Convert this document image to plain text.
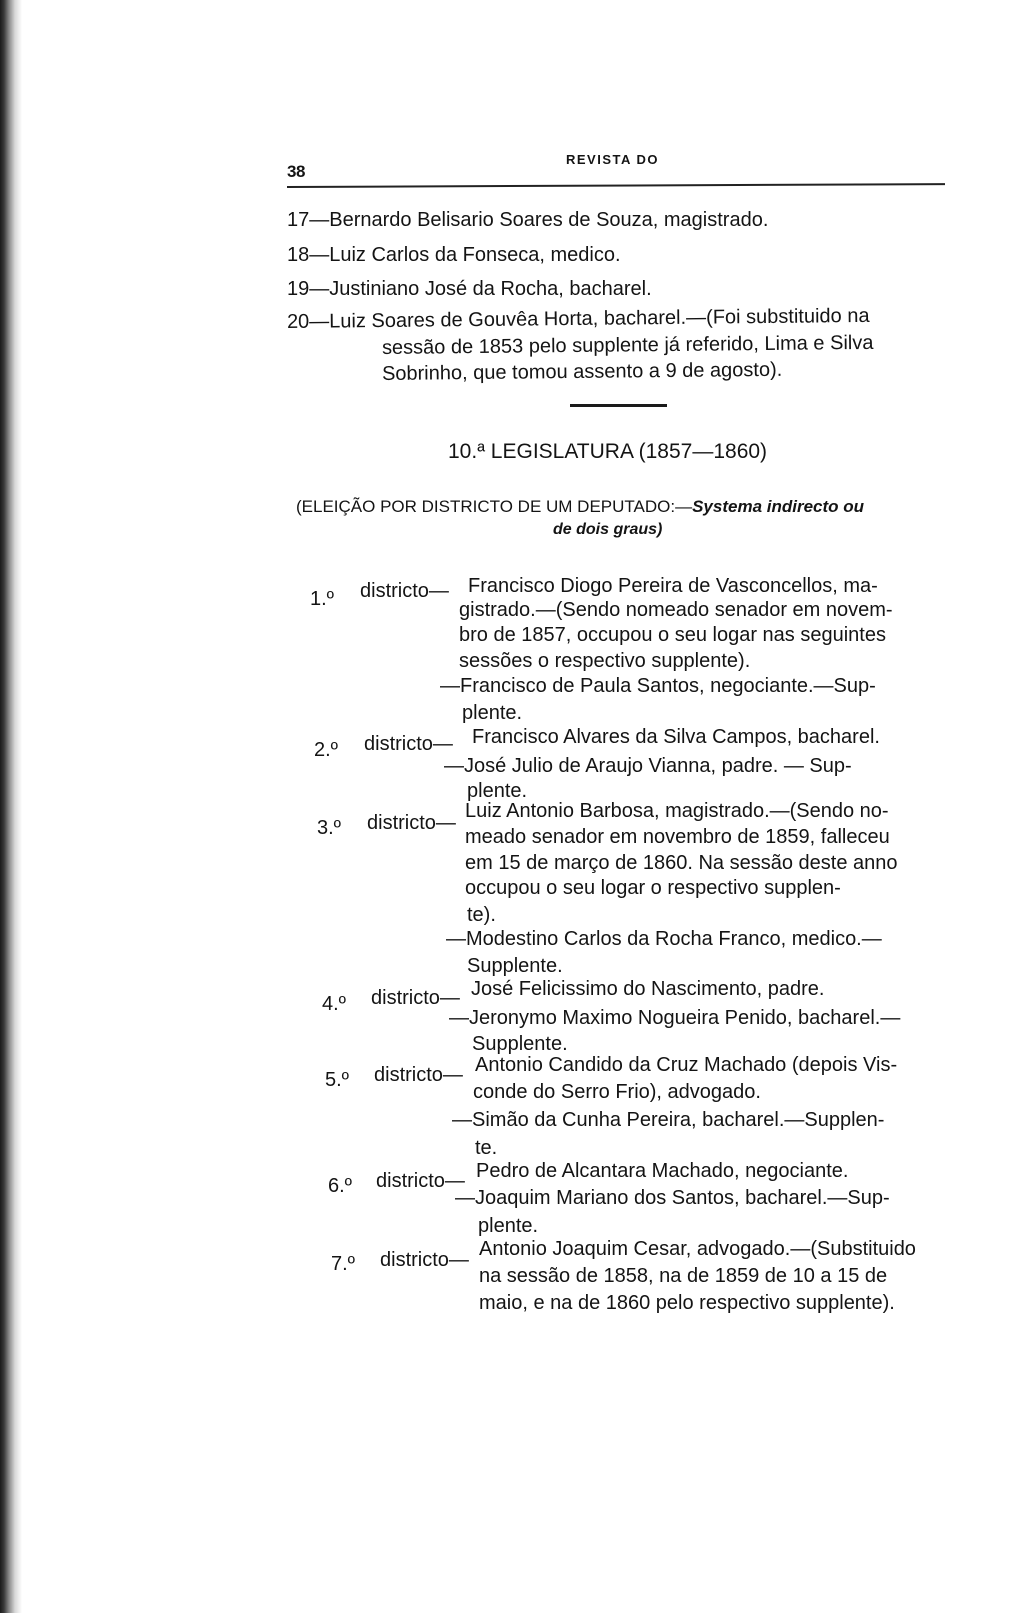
38
REVISTA DO
17—Bernardo Belisario Soares de Souza, magistrado.
18—Luiz Carlos da Fonseca, medico.
19—Justiniano José da Rocha, bacharel.
20—Luiz Soares de Gouvêa Horta, bacharel.—(Foi substituido na
sessão de 1853 pelo supplente já referido, Lima e Silva
Sobrinho, que tomou assento a 9 de agosto).
10.ª LEGISLATURA (1857—1860)
(ELEIÇÃO POR DISTRICTO DE UM DEPUTADO:—Systema indirecto ou
de dois graus)
1.º districto— Francisco Diogo Pereira de Vasconcellos, ma-
gistrado.—(Sendo nomeado senador em novem-
bro de 1857, occupou o seu logar nas seguintes
sessões o respectivo supplente).
—Francisco de Paula Santos, negociante.—Sup-
plente.
2.º districto— Francisco Alvares da Silva Campos, bacharel.
—José Julio de Araujo Vianna, padre. — Sup-
plente.
3.º districto—
Luiz Antonio Barbosa, magistrado.—(Sendo no-
meado senador em novembro de 1859, falleceu
em 15 de março de 1860. Na sessão deste anno
occupou o seu logar o respectivo supplen-
te).
—Modestino Carlos da Rocha Franco, medico.—
Supplente.
4.º districto— José Felicissimo do Nascimento, padre.
—Jeronymo Maximo Nogueira Penido, bacharel.—
Supplente.
5.º districto— Antonio Candido da Cruz Machado (depois Vis-
conde do Serro Frio), advogado.
—Simão da Cunha Pereira, bacharel.—Supplen-
te.
6.º districto— Pedro de Alcantara Machado, negociante.
—Joaquim Mariano dos Santos, bacharel.—Sup-
plente.
7.º districto— Antonio Joaquim Cesar, advogado.—(Substituido
na sessão de 1858, na de 1859 de 10 a 15 de
maio, e na de 1860 pelo respectivo supplente).
